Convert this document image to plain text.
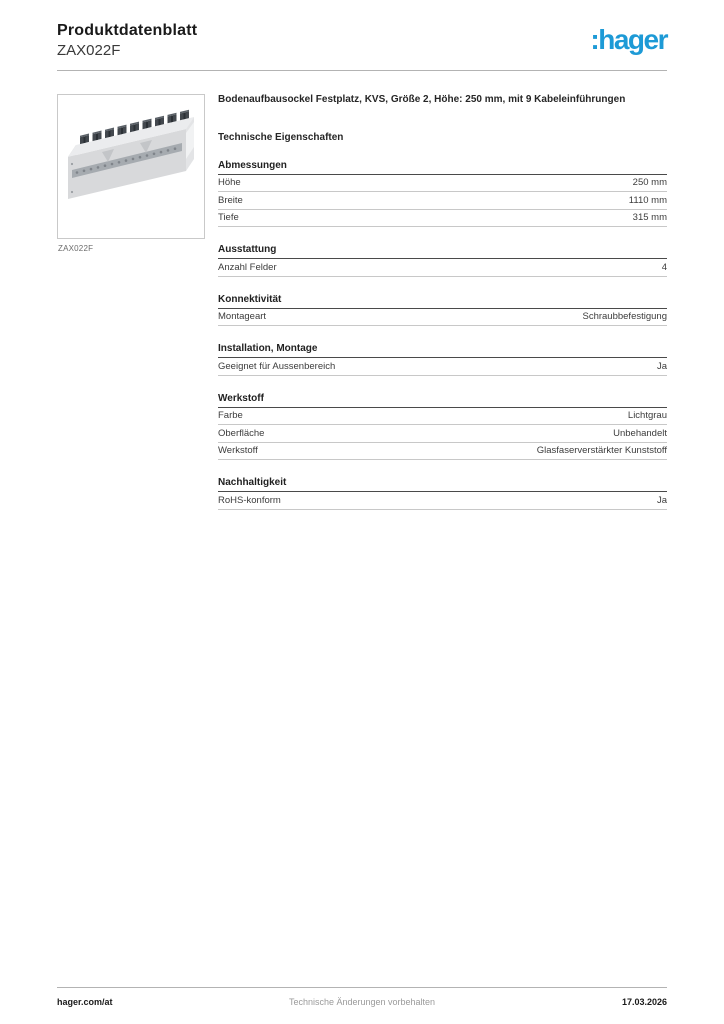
Produktdatenblatt
ZAX022F	:hager
ZAX022F
Bodenaufbausockel Festplatz, KVS, Größe 2, Höhe: 250 mm, mit 9 Kabeleinführungen
Technische Eigenschaften
Abmessungen
Höhe	250 mm
Breite	1110 mm
Tiefe	315 mm
Ausstattung
Anzahl Felder	4
Konnektivität
Montageart	Schraubbefestigung
Installation, Montage
Geeignet für Aussenbereich	Ja
Werkstoff
Farbe	Lichtgrau
Oberfläche	Unbehandelt
Werkstoff	Glasfaserverstärkter Kunststoff
Nachhaltigkeit
RoHS-konform	Ja
hager.com/at	Technische Änderungen vorbehalten	17.03.2026
